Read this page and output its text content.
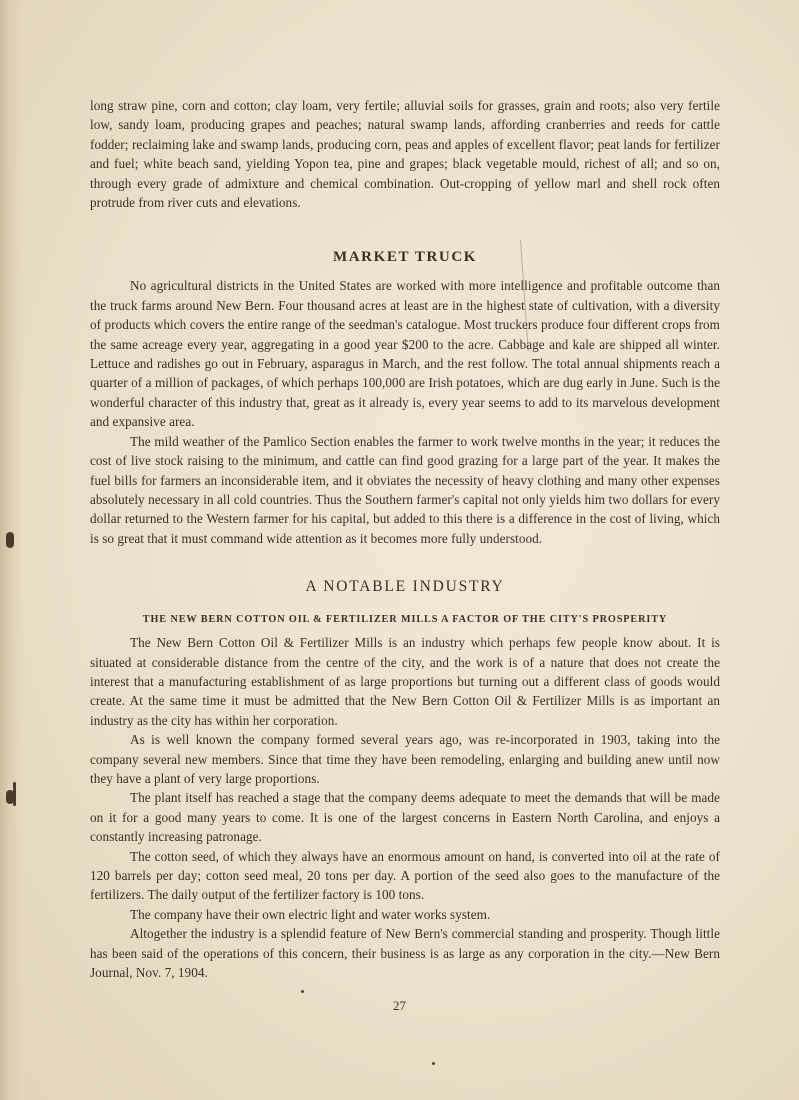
long straw pine, corn and cotton; clay loam, very fertile; alluvial soils for grasses, grain and roots; also very fertile low, sandy loam, producing grapes and peaches; natural swamp lands, affording cranberries and reeds for cattle fodder; reclaiming lake and swamp lands, producing corn, peas and apples of excellent flavor; peat lands for fertilizer and fuel; white beach sand, yielding Yopon tea, pine and grapes; black vegetable mould, richest of all; and so on, through every grade of admixture and chemical combination. Out-cropping of yellow marl and shell rock often protrude from river cuts and elevations.

MARKET TRUCK

No agricultural districts in the United States are worked with more intelligence and profitable outcome than the truck farms around New Bern. Four thousand acres at least are in the highest state of cultivation, with a diversity of products which covers the entire range of the seedman's catalogue. Most truckers produce four different crops from the same acreage every year, aggregating in a good year $200 to the acre. Cabbage and kale are shipped all winter. Lettuce and radishes go out in February, asparagus in March, and the rest follow. The total annual shipments reach a quarter of a million of packages, of which perhaps 100,000 are Irish potatoes, which are dug early in June. Such is the wonderful character of this industry that, great as it already is, every year seems to add to its marvelous development and expansive area.

The mild weather of the Pamlico Section enables the farmer to work twelve months in the year; it reduces the cost of live stock raising to the minimum, and cattle can find good grazing for a large part of the year. It makes the fuel bills for farmers an inconsiderable item, and it obviates the necessity of heavy clothing and many other expenses absolutely necessary in all cold countries. Thus the Southern farmer's capital not only yields him two dollars for every dollar returned to the Western farmer for his capital, but added to this there is a difference in the cost of living, which is so great that it must command wide attention as it becomes more fully understood.

A NOTABLE INDUSTRY
THE NEW BERN COTTON OIL & FERTILIZER MILLS A FACTOR OF THE CITY'S PROSPERITY

The New Bern Cotton Oil & Fertilizer Mills is an industry which perhaps few people know about. It is situated at considerable distance from the centre of the city, and the work is of a nature that does not create the interest that a manufacturing establishment of as large proportions but turning out a different class of goods would create. At the same time it must be admitted that the New Bern Cotton Oil & Fertilizer Mills is as important an industry as the city has within her corporation.

As is well known the company formed several years ago, was re-incorporated in 1903, taking into the company several new members. Since that time they have been remodeling, enlarging and building anew until now they have a plant of very large proportions.

The plant itself has reached a stage that the company deems adequate to meet the demands that will be made on it for a good many years to come. It is one of the largest concerns in Eastern North Carolina, and enjoys a constantly increasing patronage.

The cotton seed, of which they always have an enormous amount on hand, is converted into oil at the rate of 120 barrels per day; cotton seed meal, 20 tons per day. A portion of the seed also goes to the manufacture of the fertilizers. The daily output of the fertilizer factory is 100 tons.

The company have their own electric light and water works system.

Altogether the industry is a splendid feature of New Bern's commercial standing and prosperity. Though little has been said of the operations of this concern, their business is as large as any corporation in the city.—New Bern Journal, Nov. 7, 1904.

27
